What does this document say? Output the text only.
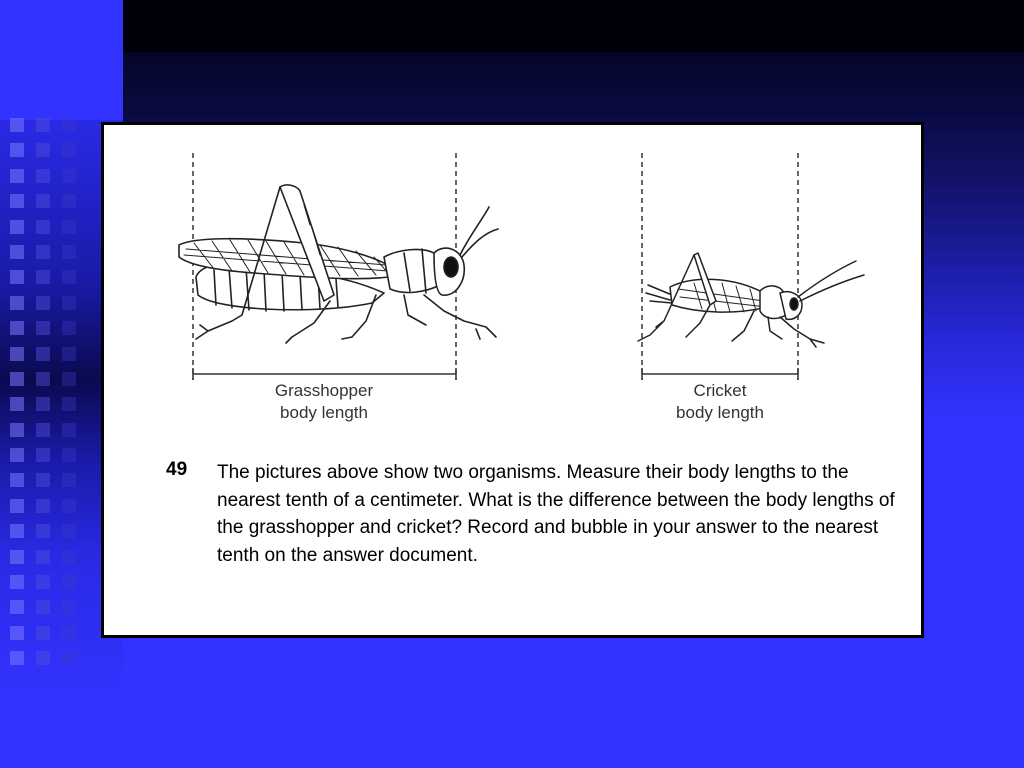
Grasshopper
body length
Cricket
body length
49 The pictures above show two organisms. Measure their body lengths to the nearest tenth of a centimeter. What is the difference between the body lengths of the grasshopper and cricket? Record and bubble in your answer to the nearest tenth on the answer document.
